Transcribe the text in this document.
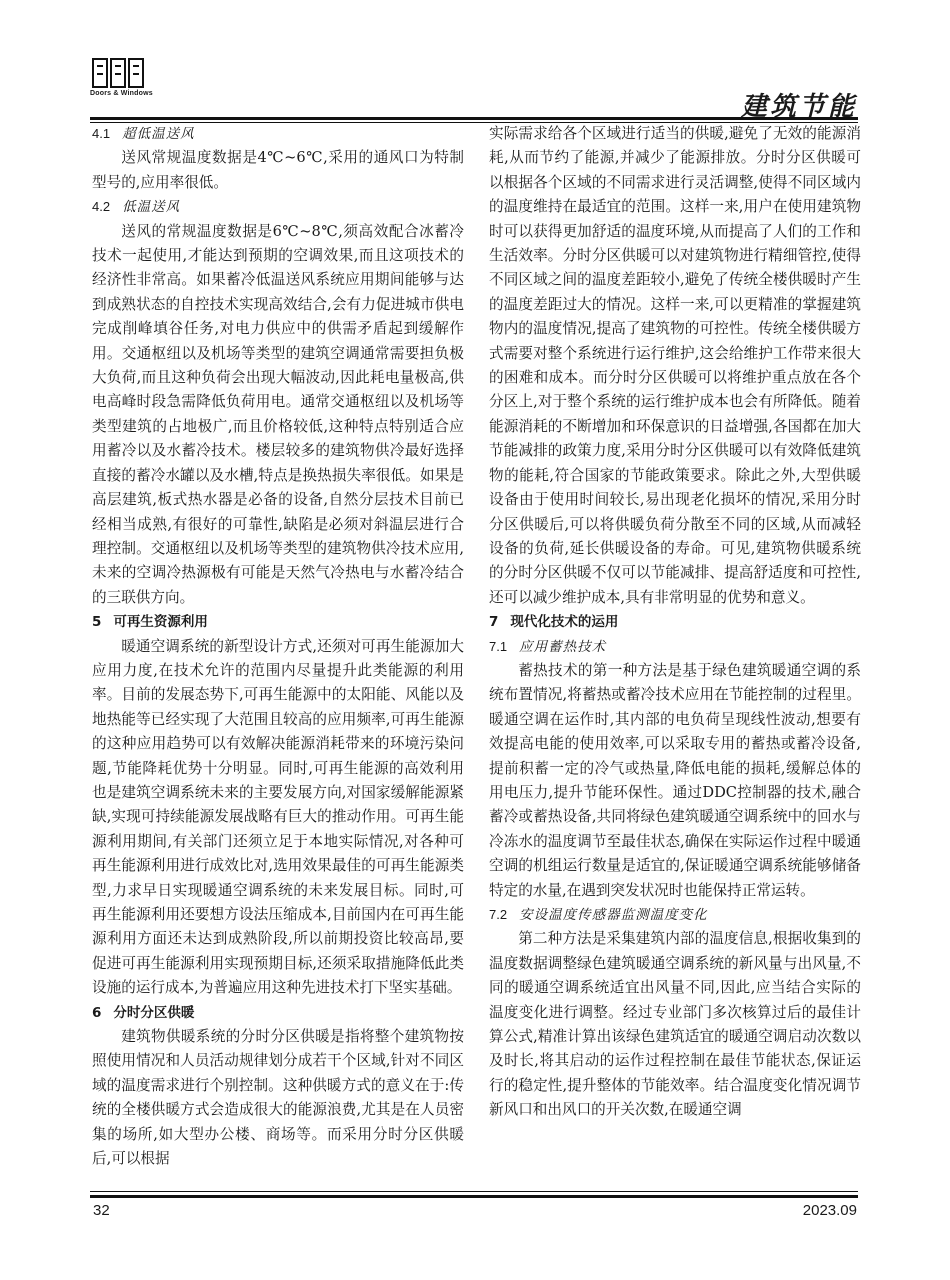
Doors & Windows	建筑节能
4.1 超低温送风

送风常规温度数据是4℃~6℃,采用的通风口为特制型号的,应用率很低。

4.2 低温送风

送风的常规温度数据是6℃~8℃,须高效配合冰蓄冷技术一起使用,才能达到预期的空调效果,而且这项技术的经济性非常高。如果蓄冷低温送风系统应用期间能够与达到成熟状态的自控技术实现高效结合,会有力促进城市供电完成削峰填谷任务,对电力供应中的供需矛盾起到缓解作用。交通枢纽以及机场等类型的建筑空调通常需要担负极大负荷,而且这种负荷会出现大幅波动,因此耗电量极高,供电高峰时段急需降低负荷用电。通常交通枢纽以及机场等类型建筑的占地极广,而且价格较低,这种特点特别适合应用蓄冷以及水蓄冷技术。楼层较多的建筑物供冷最好选择直接的蓄冷水罐以及水槽,特点是换热损失率很低。如果是高层建筑,板式热水器是必备的设备,自然分层技术目前已经相当成熟,有很好的可靠性,缺陷是必须对斜温层进行合理控制。交通枢纽以及机场等类型的建筑物供冷技术应用,未来的空调冷热源极有可能是天然气冷热电与水蓄冷结合的三联供方向。

5 可再生资源利用

暖通空调系统的新型设计方式,还须对可再生能源加大应用力度,在技术允许的范围内尽量提升此类能源的利用率。目前的发展态势下,可再生能源中的太阳能、风能以及地热能等已经实现了大范围且较高的应用频率,可再生能源的这种应用趋势可以有效解决能源消耗带来的环境污染问题,节能降耗优势十分明显。同时,可再生能源的高效利用也是建筑空调系统未来的主要发展方向,对国家缓解能源紧缺,实现可持续能源发展战略有巨大的推动作用。可再生能源利用期间,有关部门还须立足于本地实际情况,对各种可再生能源利用进行成效比对,选用效果最佳的可再生能源类型,力求早日实现暖通空调系统的未来发展目标。同时,可再生能源利用还要想方设法压缩成本,目前国内在可再生能源利用方面还未达到成熟阶段,所以前期投资比较高昂,要促进可再生能源利用实现预期目标,还须采取措施降低此类设施的运行成本,为普遍应用这种先进技术打下坚实基础。

6 分时分区供暖

建筑物供暖系统的分时分区供暖是指将整个建筑物按照使用情况和人员活动规律划分成若干个区域,针对不同区域的温度需求进行个别控制。这种供暖方式的意义在于:传统的全楼供暖方式会造成很大的能源浪费,尤其是在人员密集的场所,如大型办公楼、商场等。而采用分时分区供暖后,可以根据

实际需求给各个区域进行适当的供暖,避免了无效的能源消耗,从而节约了能源,并减少了能源排放。分时分区供暖可以根据各个区域的不同需求进行灵活调整,使得不同区域内的温度维持在最适宜的范围。这样一来,用户在使用建筑物时可以获得更加舒适的温度环境,从而提高了人们的工作和生活效率。分时分区供暖可以对建筑物进行精细管控,使得不同区域之间的温度差距较小,避免了传统全楼供暖时产生的温度差距过大的情况。这样一来,可以更精准的掌握建筑物内的温度情况,提高了建筑物的可控性。传统全楼供暖方式需要对整个系统进行运行维护,这会给维护工作带来很大的困难和成本。而分时分区供暖可以将维护重点放在各个分区上,对于整个系统的运行维护成本也会有所降低。随着能源消耗的不断增加和环保意识的日益增强,各国都在加大节能减排的政策力度,采用分时分区供暖可以有效降低建筑物的能耗,符合国家的节能政策要求。除此之外,大型供暖设备由于使用时间较长,易出现老化损坏的情况,采用分时分区供暖后,可以将供暖负荷分散至不同的区域,从而减轻设备的负荷,延长供暖设备的寿命。可见,建筑物供暖系统的分时分区供暖不仅可以节能减排、提高舒适度和可控性,还可以减少维护成本,具有非常明显的优势和意义。

7 现代化技术的运用
7.1 应用蓄热技术

蓄热技术的第一种方法是基于绿色建筑暖通空调的系统布置情况,将蓄热或蓄冷技术应用在节能控制的过程里。暖通空调在运作时,其内部的电负荷呈现线性波动,想要有效提高电能的使用效率,可以采取专用的蓄热或蓄冷设备,提前积蓄一定的冷气或热量,降低电能的损耗,缓解总体的用电压力,提升节能环保性。通过DDC控制器的技术,融合蓄冷或蓄热设备,共同将绿色建筑暖通空调系统中的回水与冷冻水的温度调节至最佳状态,确保在实际运作过程中暖通空调的机组运行数量是适宜的,保证暖通空调系统能够储备特定的水量,在遇到突发状况时也能保持正常运转。

7.2 安设温度传感器监测温度变化

第二种方法是采集建筑内部的温度信息,根据收集到的温度数据调整绿色建筑暖通空调系统的新风量与出风量,不同的暖通空调系统适宜出风量不同,因此,应当结合实际的温度变化进行调整。经过专业部门多次核算过后的最佳计算公式,精准计算出该绿色建筑适宜的暖通空调启动次数以及时长,将其启动的运作过程控制在最佳节能状态,保证运行的稳定性,提升整体的节能效率。结合温度变化情况调节新风口和出风口的开关次数,在暖通空调

32	2023.09
